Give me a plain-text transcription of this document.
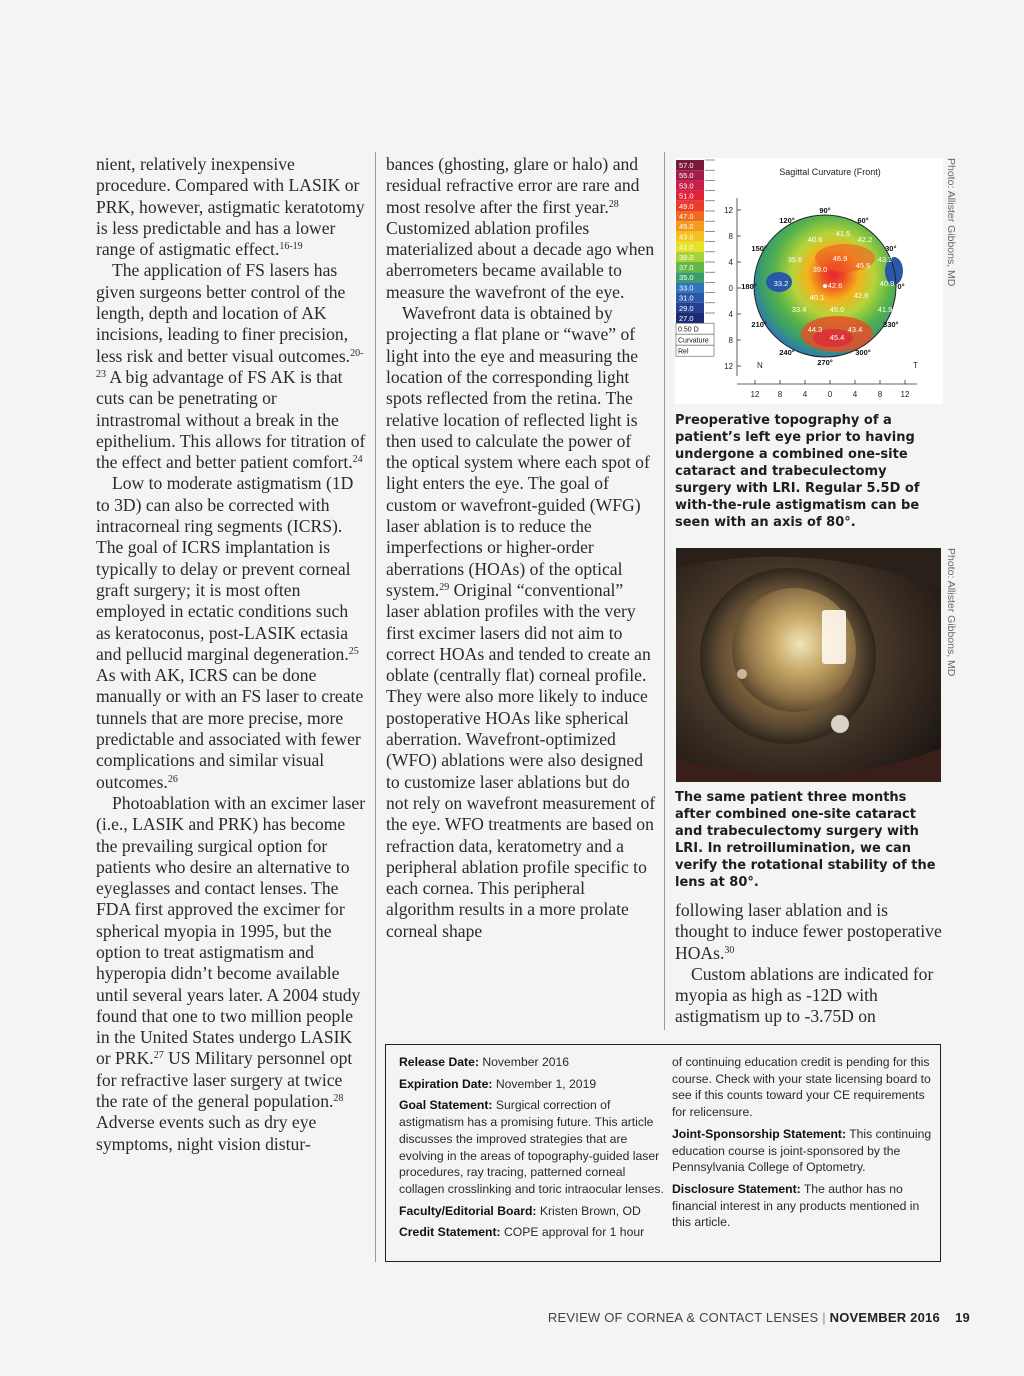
nient, relatively inexpensive procedure. Compared with LASIK or PRK, however, astigmatic keratotomy is less predictable and has a lower range of astigmatic effect.$^{16-19}$

The application of FS lasers has given surgeons better control of the length, depth and location of AK incisions, leading to finer precision, less risk and better visual outcomes.$^{20-23}$ A big advantage of FS AK is that cuts can be penetrating or intrastromal without a break in the epithelium. This allows for titration of the effect and better patient comfort.$^{24}$

Low to moderate astigmatism (1D to 3D) can also be corrected with intracorneal ring segments (ICRS). The goal of ICRS implantation is typically to delay or prevent corneal graft surgery; it is most often employed in ectatic conditions such as keratoconus, post-LASIK ectasia and pellucid marginal degeneration.$^{25}$ As with AK, ICRS can be done manually or with an FS laser to create tunnels that are more precise, more predictable and associated with fewer complications and similar visual outcomes.$^{26}$

Photoablation with an excimer laser (i.e., LASIK and PRK) has become the prevailing surgical option for patients who desire an alternative to eyeglasses and contact lenses. The FDA first approved the excimer for spherical myopia in 1995, but the option to treat astigmatism and hyperopia didn’t become available until several years later. A 2004 study found that one to two million people in the United States undergo LASIK or PRK.$^{27}$ US Military personnel opt for refractive laser surgery at twice the rate of the general population.$^{28}$ Adverse events such as dry eye symptoms, night vision distur-

bances (ghosting, glare or halo) and residual refractive error are rare and most resolve after the first year.$^{28}$ Customized ablation profiles materialized about a decade ago when aberrometers became available to measure the wavefront of the eye.

Wavefront data is obtained by projecting a flat plane or “wave” of light into the eye and measuring the location of the corresponding light spots reflected from the retina. The relative location of reflected light is then used to calculate the power of the optical system where each spot of light enters the eye. The goal of custom or wavefront-guided (WFG) laser ablation is to reduce the imperfections or higher-order aberrations (HOAs) of the optical system.$^{29}$ Original “conventional” laser ablation profiles with the very first excimer lasers did not aim to correct HOAs and tended to create an oblate (centrally flat) corneal profile. They were also more likely to induce postoperative HOAs like spherical aberration. Wavefront-optimized (WFO) ablations were also designed to customize laser ablations but do not rely on wavefront measurement of the eye. WFO treatments are based on refraction data, keratometry and a peripheral ablation profile specific to each cornea. This peripheral algorithm results in a more prolate corneal shape

57.0
55.0
53.0
51.0
49.0
47.0
45.0
43.0
41.0
39.0
37.0
35.0
33.0
31.0
29.0
27.0
0.50 D
Curvature
Rel
Sagittal Curvature (Front)
12
8
4
0
4
8
12
12 8	4	0	4	8 12
41.5
42.2
40.6
35.6	46.9
45.6
43.2
39.0
33.2	42.6	40.9
40.1	42.8
33.4	45.0	41.9
44.3	43.4
45.4
90°
60°
30°
0°
330°
300°
270°
240°
210°
180°
150°
120°
N	T
Photo: Allister Gibbons, MD
Preoperative topography of a patient’s left eye prior to having undergone a combined one-site cataract and trabeculectomy surgery with LRI. Regular 5.5D of with-the-rule astigmatism can be seen with an axis of 80°.
Photo: Allister Gibbons, MD
The same patient three months after combined one-site cataract and trabeculectomy surgery with LRI. In retroillumination, we can verify the rotational stability of the lens at 80°.

following laser ablation and is thought to induce fewer postoperative HOAs.$^{30}$

Custom ablations are indicated for myopia as high as -12D with astigmatism up to -3.75D on

Release Date: November 2016
Expiration Date: November 1, 2019
Goal Statement: Surgical correction of astigmatism has a promising future. This article discusses the improved strategies that are evolving in the areas of topography-guided laser procedures, ray tracing, patterned corneal collagen crosslinking and toric intraocular lenses.
Faculty/Editorial Board: Kristen Brown, OD
Credit Statement: COPE approval for 1 hour
of continuing education credit is pending for this course. Check with your state licensing board to see if this counts toward your CE requirements for relicensure.
Joint-Sponsorship Statement: This continuing education course is joint-sponsored by the Pennsylvania College of Optometry.
Disclosure Statement: The author has no financial interest in any products mentioned in this article.
REVIEW OF CORNEA & CONTACT LENSES | NOVEMBER 2016 19
